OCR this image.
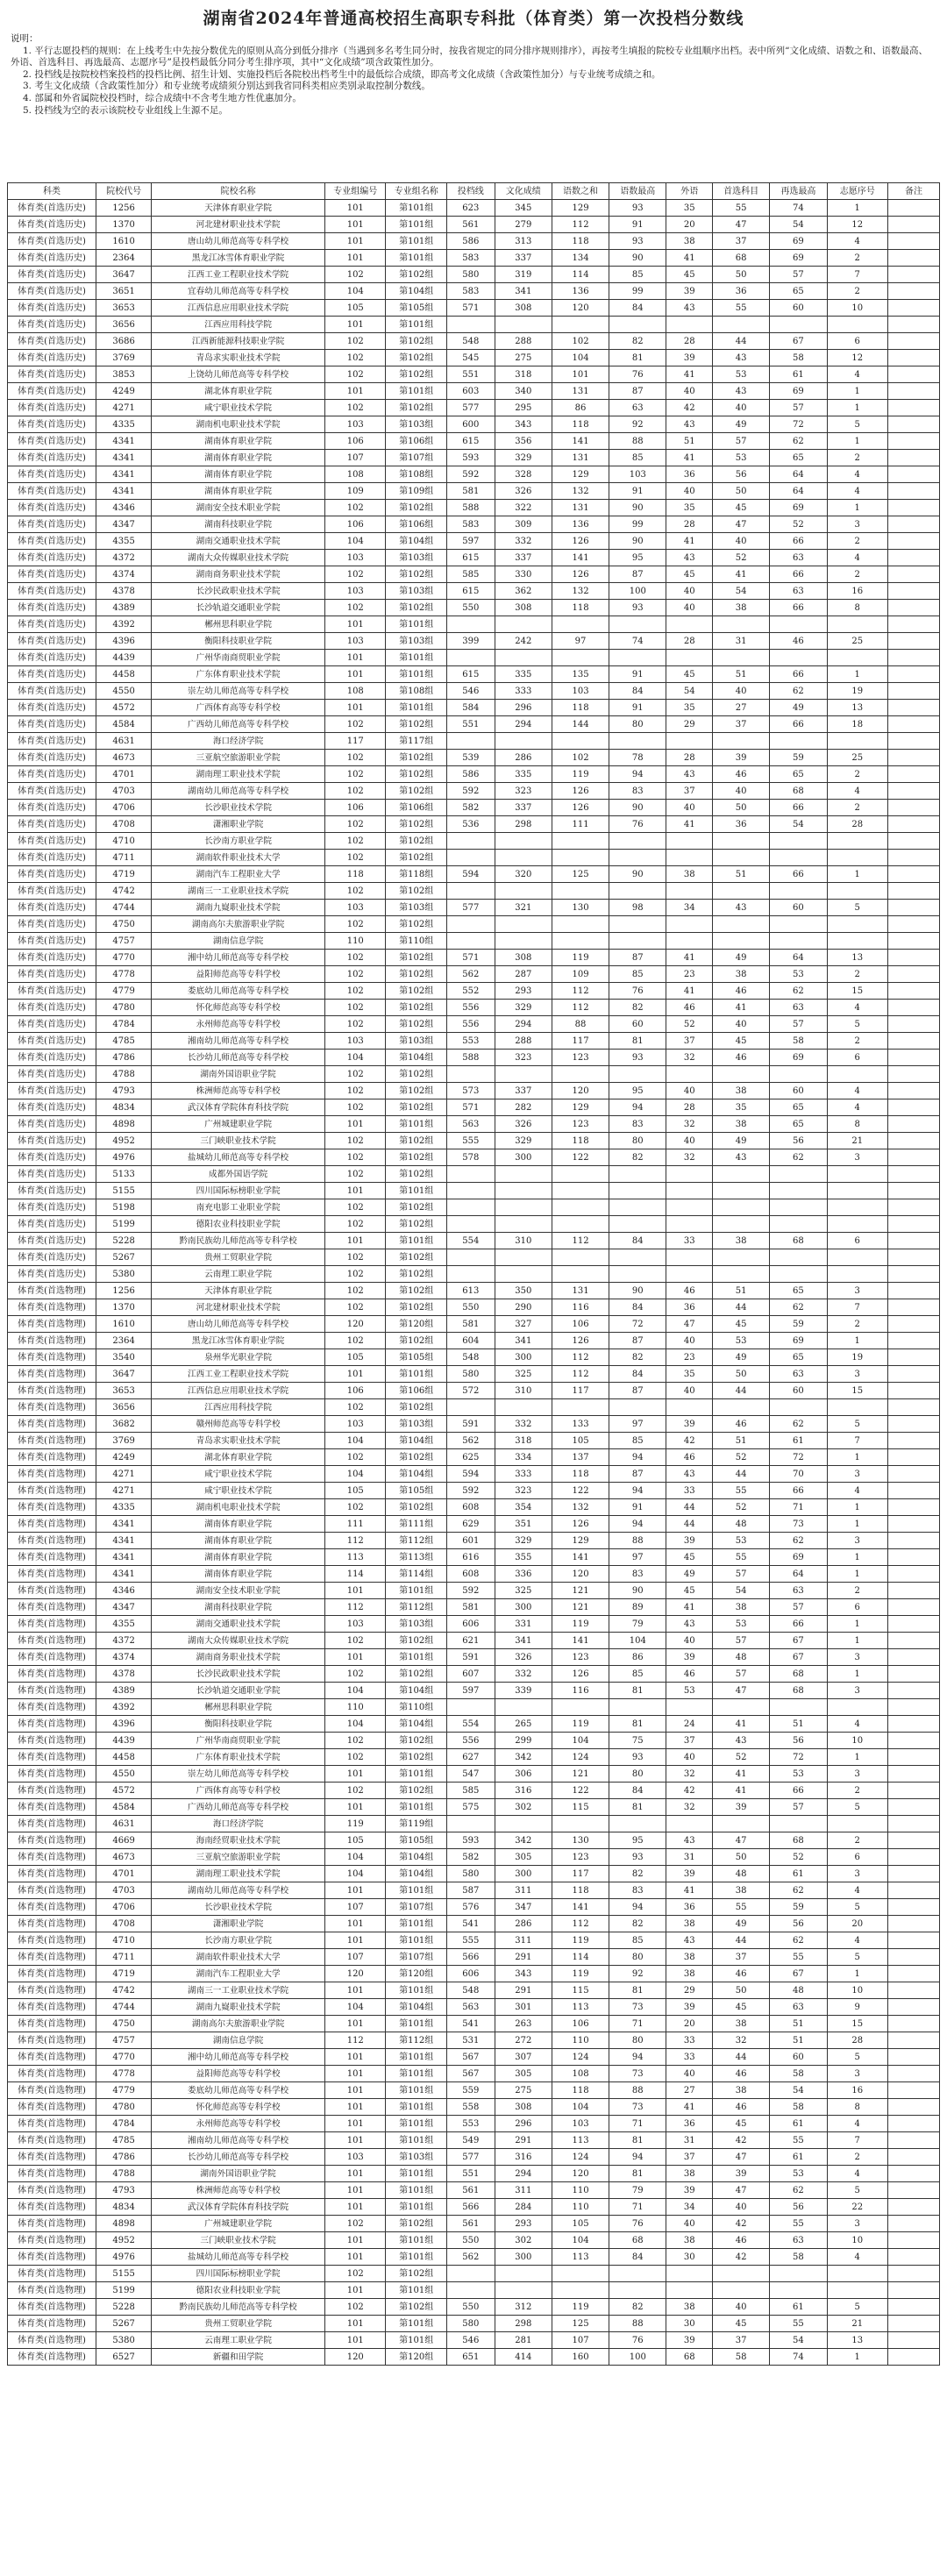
湖南省2024年普通高校招生高职专科批（体育类）第一次投档分数线

说明：

1. 平行志愿投档的规则：在上线考生中先按分数优先的原则从高分到低分排序（当遇到多名考生同分时，按我省规定的同分排序规则排序），再按考生填报的院校专业组顺序出档。表中所列“文化成绩、语数之和、语数最高、外语、首选科目、再选最高、志愿序号”是投档最低分同分考生排序项，其中“文化成绩”项含政策性加分。

2. 投档线是按院校档案投档的投档比例、招生计划、实施投档后各院校出档考生中的最低综合成绩，即高考文化成绩（含政策性加分）与专业统考成绩之和。

3. 考生文化成绩（含政策性加分）和专业统考成绩须分别达到我省同科类相应类别录取控制分数线。

4. 部属和外省属院校投档时，综合成绩中不含考生地方性优惠加分。

5. 投档线为空的表示该院校专业组线上生源不足。

科类	院校代号	院校名称	专业组编号	专业组名称	投档线	文化成绩	语数之和	语数最高	外语	首选科目	再选最高	志愿序号	备注
体育类(首选历史)	1256	天津体育职业学院	101	第101组	623	345	129	93	35	55	74	1	
体育类(首选历史)	1370	河北建材职业技术学院	101	第101组	561	279	112	91	20	47	54	12	
体育类(首选历史)	1610	唐山幼儿师范高等专科学校	101	第101组	586	313	118	93	38	37	69	4	
体育类(首选历史)	2364	黑龙江冰雪体育职业学院	101	第101组	583	337	134	90	41	68	69	2	
体育类(首选历史)	3647	江西工业工程职业技术学院	102	第102组	580	319	114	85	45	50	57	7	
体育类(首选历史)	3651	宜春幼儿师范高等专科学校	104	第104组	583	341	136	99	39	36	65	2	
体育类(首选历史)	3653	江西信息应用职业技术学院	105	第105组	571	308	120	84	43	55	60	10	
体育类(首选历史)	3656	江西应用科技学院	101	第101组									
体育类(首选历史)	3686	江西新能源科技职业学院	102	第102组	548	288	102	82	28	44	67	6	
体育类(首选历史)	3769	青岛求实职业技术学院	102	第102组	545	275	104	81	39	43	58	12	
体育类(首选历史)	3853	上饶幼儿师范高等专科学校	102	第102组	551	318	101	76	41	53	61	4	
体育类(首选历史)	4249	湖北体育职业学院	101	第101组	603	340	131	87	40	43	69	1	
体育类(首选历史)	4271	咸宁职业技术学院	102	第102组	577	295	86	63	42	40	57	1	
体育类(首选历史)	4335	湖南机电职业技术学院	103	第103组	600	343	118	92	43	49	72	5	
体育类(首选历史)	4341	湖南体育职业学院	106	第106组	615	356	141	88	51	57	62	1	
体育类(首选历史)	4341	湖南体育职业学院	107	第107组	593	329	131	85	41	53	65	2	
体育类(首选历史)	4341	湖南体育职业学院	108	第108组	592	328	129	103	36	56	64	4	
体育类(首选历史)	4341	湖南体育职业学院	109	第109组	581	326	132	91	40	50	64	4	
体育类(首选历史)	4346	湖南安全技术职业学院	102	第102组	588	322	131	90	35	45	69	1	
体育类(首选历史)	4347	湖南科技职业学院	106	第106组	583	309	136	99	28	47	52	3	
体育类(首选历史)	4355	湖南交通职业技术学院	104	第104组	597	332	126	90	41	40	66	2	
体育类(首选历史)	4372	湖南大众传媒职业技术学院	103	第103组	615	337	141	95	43	52	63	4	
体育类(首选历史)	4374	湖南商务职业技术学院	102	第102组	585	330	126	87	45	41	66	2	
体育类(首选历史)	4378	长沙民政职业技术学院	103	第103组	615	362	132	100	40	54	63	16	
体育类(首选历史)	4389	长沙轨道交通职业学院	102	第102组	550	308	118	93	40	38	66	8	
体育类(首选历史)	4392	郴州思科职业学院	101	第101组									
体育类(首选历史)	4396	衡阳科技职业学院	103	第103组	399	242	97	74	28	31	46	25	
体育类(首选历史)	4439	广州华南商贸职业学院	101	第101组									
体育类(首选历史)	4458	广东体育职业技术学院	101	第101组	615	335	135	91	45	51	66	1	
体育类(首选历史)	4550	崇左幼儿师范高等专科学校	108	第108组	546	333	103	84	54	40	62	19	
体育类(首选历史)	4572	广西体育高等专科学校	101	第101组	584	296	118	91	35	27	49	13	
体育类(首选历史)	4584	广西幼儿师范高等专科学校	102	第102组	551	294	144	80	29	37	66	18	
体育类(首选历史)	4631	海口经济学院	117	第117组									
体育类(首选历史)	4673	三亚航空旅游职业学院	102	第102组	539	286	102	78	28	39	59	25	
体育类(首选历史)	4701	湖南理工职业技术学院	102	第102组	586	335	119	94	43	46	65	2	
体育类(首选历史)	4703	湖南幼儿师范高等专科学校	102	第102组	592	323	126	83	37	40	68	4	
体育类(首选历史)	4706	长沙职业技术学院	106	第106组	582	337	126	90	40	50	66	2	
体育类(首选历史)	4708	潇湘职业学院	102	第102组	536	298	111	76	41	36	54	28	
体育类(首选历史)	4710	长沙南方职业学院	102	第102组									
体育类(首选历史)	4711	湖南软件职业技术大学	102	第102组									
体育类(首选历史)	4719	湖南汽车工程职业大学	118	第118组	594	320	125	90	38	51	66	1	
体育类(首选历史)	4742	湖南三一工业职业技术学院	102	第102组									
体育类(首选历史)	4744	湖南九嶷职业技术学院	103	第103组	577	321	130	98	34	43	60	5	
体育类(首选历史)	4750	湖南高尔夫旅游职业学院	102	第102组									
体育类(首选历史)	4757	湖南信息学院	110	第110组									
体育类(首选历史)	4770	湘中幼儿师范高等专科学校	102	第102组	571	308	119	87	41	49	64	13	
体育类(首选历史)	4778	益阳师范高等专科学校	102	第102组	562	287	109	85	23	38	53	2	
体育类(首选历史)	4779	娄底幼儿师范高等专科学校	102	第102组	552	293	112	76	41	46	62	15	
体育类(首选历史)	4780	怀化师范高等专科学校	102	第102组	556	329	112	82	46	41	63	4	
体育类(首选历史)	4784	永州师范高等专科学校	102	第102组	556	294	88	60	52	40	57	5	
体育类(首选历史)	4785	湘南幼儿师范高等专科学校	103	第103组	553	288	117	81	37	45	58	2	
体育类(首选历史)	4786	长沙幼儿师范高等专科学校	104	第104组	588	323	123	93	32	46	69	6	
体育类(首选历史)	4788	湖南外国语职业学院	102	第102组									
体育类(首选历史)	4793	株洲师范高等专科学校	102	第102组	573	337	120	95	40	38	60	4	
体育类(首选历史)	4834	武汉体育学院体育科技学院	102	第102组	571	282	129	94	28	35	65	4	
体育类(首选历史)	4898	广州城建职业学院	101	第101组	563	326	123	83	32	38	65	8	
体育类(首选历史)	4952	三门峡职业技术学院	102	第102组	555	329	118	80	40	49	56	21	
体育类(首选历史)	4976	盐城幼儿师范高等专科学校	102	第102组	578	300	122	82	32	43	62	3	
体育类(首选历史)	5133	成都外国语学院	102	第102组									
体育类(首选历史)	5155	四川国际标榜职业学院	101	第101组									
体育类(首选历史)	5198	南充电影工业职业学院	102	第102组									
体育类(首选历史)	5199	德阳农业科技职业学院	102	第102组									
体育类(首选历史)	5228	黔南民族幼儿师范高等专科学校	101	第101组	554	310	112	84	33	38	68	6	
体育类(首选历史)	5267	贵州工贸职业学院	102	第102组									
体育类(首选历史)	5380	云南理工职业学院	102	第102组									
体育类(首选物理)	1256	天津体育职业学院	102	第102组	613	350	131	90	46	51	65	3	
体育类(首选物理)	1370	河北建材职业技术学院	102	第102组	550	290	116	84	36	44	62	7	
体育类(首选物理)	1610	唐山幼儿师范高等专科学校	120	第120组	581	327	106	72	47	45	59	2	
体育类(首选物理)	2364	黑龙江冰雪体育职业学院	102	第102组	604	341	126	87	40	53	69	1	
体育类(首选物理)	3540	泉州华光职业学院	105	第105组	548	300	112	82	23	49	65	19	
体育类(首选物理)	3647	江西工业工程职业技术学院	101	第101组	580	325	112	84	35	50	63	3	
体育类(首选物理)	3653	江西信息应用职业技术学院	106	第106组	572	310	117	87	40	44	60	15	
体育类(首选物理)	3656	江西应用科技学院	102	第102组									
体育类(首选物理)	3682	赣州师范高等专科学校	103	第103组	591	332	133	97	39	46	62	5	
体育类(首选物理)	3769	青岛求实职业技术学院	104	第104组	562	318	105	85	42	51	61	7	
体育类(首选物理)	4249	湖北体育职业学院	102	第102组	625	334	137	94	46	52	72	1	
体育类(首选物理)	4271	咸宁职业技术学院	104	第104组	594	333	118	87	43	44	70	3	
体育类(首选物理)	4271	咸宁职业技术学院	105	第105组	592	323	122	94	33	55	66	4	
体育类(首选物理)	4335	湖南机电职业技术学院	102	第102组	608	354	132	91	44	52	71	1	
体育类(首选物理)	4341	湖南体育职业学院	111	第111组	629	351	126	94	44	48	73	1	
体育类(首选物理)	4341	湖南体育职业学院	112	第112组	601	329	129	88	39	53	62	3	
体育类(首选物理)	4341	湖南体育职业学院	113	第113组	616	355	141	97	45	55	69	1	
体育类(首选物理)	4341	湖南体育职业学院	114	第114组	608	336	120	83	49	57	64	1	
体育类(首选物理)	4346	湖南安全技术职业学院	101	第101组	592	325	121	90	45	54	63	2	
体育类(首选物理)	4347	湖南科技职业学院	112	第112组	581	300	121	89	41	38	57	6	
体育类(首选物理)	4355	湖南交通职业技术学院	103	第103组	606	331	119	79	43	53	66	1	
体育类(首选物理)	4372	湖南大众传媒职业技术学院	102	第102组	621	341	141	104	40	57	67	1	
体育类(首选物理)	4374	湖南商务职业技术学院	101	第101组	591	326	123	86	39	48	67	3	
体育类(首选物理)	4378	长沙民政职业技术学院	102	第102组	607	332	126	85	46	57	68	1	
体育类(首选物理)	4389	长沙轨道交通职业学院	104	第104组	597	339	116	81	53	47	68	3	
体育类(首选物理)	4392	郴州思科职业学院	110	第110组									
体育类(首选物理)	4396	衡阳科技职业学院	104	第104组	554	265	119	81	24	41	51	4	
体育类(首选物理)	4439	广州华南商贸职业学院	102	第102组	556	299	104	75	37	43	56	10	
体育类(首选物理)	4458	广东体育职业技术学院	102	第102组	627	342	124	93	40	52	72	1	
体育类(首选物理)	4550	崇左幼儿师范高等专科学校	101	第101组	547	306	121	80	32	41	53	3	
体育类(首选物理)	4572	广西体育高等专科学校	102	第102组	585	316	122	84	42	41	66	2	
体育类(首选物理)	4584	广西幼儿师范高等专科学校	101	第101组	575	302	115	81	32	39	57	5	
体育类(首选物理)	4631	海口经济学院	119	第119组									
体育类(首选物理)	4669	海南经贸职业技术学院	105	第105组	593	342	130	95	43	47	68	2	
体育类(首选物理)	4673	三亚航空旅游职业学院	104	第104组	582	305	123	93	31	50	52	6	
体育类(首选物理)	4701	湖南理工职业技术学院	104	第104组	580	300	117	82	39	48	61	3	
体育类(首选物理)	4703	湖南幼儿师范高等专科学校	101	第101组	587	311	118	83	41	38	62	4	
体育类(首选物理)	4706	长沙职业技术学院	107	第107组	576	347	141	94	36	55	59	5	
体育类(首选物理)	4708	潇湘职业学院	101	第101组	541	286	112	82	38	49	56	20	
体育类(首选物理)	4710	长沙南方职业学院	101	第101组	555	311	119	85	43	44	62	4	
体育类(首选物理)	4711	湖南软件职业技术大学	107	第107组	566	291	114	80	38	37	55	5	
体育类(首选物理)	4719	湖南汽车工程职业大学	120	第120组	606	343	119	92	38	46	67	1	
体育类(首选物理)	4742	湖南三一工业职业技术学院	101	第101组	548	291	115	81	29	50	48	10	
体育类(首选物理)	4744	湖南九嶷职业技术学院	104	第104组	563	301	113	73	39	45	63	9	
体育类(首选物理)	4750	湖南高尔夫旅游职业学院	101	第101组	541	263	106	71	20	38	51	15	
体育类(首选物理)	4757	湖南信息学院	112	第112组	531	272	110	80	33	32	51	28	
体育类(首选物理)	4770	湘中幼儿师范高等专科学校	101	第101组	567	307	124	94	33	44	60	5	
体育类(首选物理)	4778	益阳师范高等专科学校	101	第101组	567	305	108	73	40	46	58	3	
体育类(首选物理)	4779	娄底幼儿师范高等专科学校	101	第101组	559	275	118	88	27	38	54	16	
体育类(首选物理)	4780	怀化师范高等专科学校	101	第101组	558	308	104	73	41	46	58	8	
体育类(首选物理)	4784	永州师范高等专科学校	101	第101组	553	296	103	71	36	45	61	4	
体育类(首选物理)	4785	湘南幼儿师范高等专科学校	101	第101组	549	291	113	81	31	42	55	7	
体育类(首选物理)	4786	长沙幼儿师范高等专科学校	103	第103组	577	316	124	94	37	47	61	2	
体育类(首选物理)	4788	湖南外国语职业学院	101	第101组	551	294	120	81	38	39	53	4	
体育类(首选物理)	4793	株洲师范高等专科学校	101	第101组	561	311	110	79	39	47	62	5	
体育类(首选物理)	4834	武汉体育学院体育科技学院	101	第101组	566	284	110	71	34	40	56	22	
体育类(首选物理)	4898	广州城建职业学院	102	第102组	561	293	105	76	40	42	55	3	
体育类(首选物理)	4952	三门峡职业技术学院	101	第101组	550	302	104	68	38	46	63	10	
体育类(首选物理)	4976	盐城幼儿师范高等专科学校	101	第101组	562	300	113	84	30	42	58	4	
体育类(首选物理)	5155	四川国际标榜职业学院	102	第102组									
体育类(首选物理)	5199	德阳农业科技职业学院	101	第101组									
体育类(首选物理)	5228	黔南民族幼儿师范高等专科学校	102	第102组	550	312	119	82	38	40	61	5	
体育类(首选物理)	5267	贵州工贸职业学院	101	第101组	580	298	125	88	30	45	55	21	
体育类(首选物理)	5380	云南理工职业学院	101	第101组	546	281	107	76	39	37	54	13	
体育类(首选物理)	6527	新疆和田学院	120	第120组	651	414	160	100	68	58	74	1	
